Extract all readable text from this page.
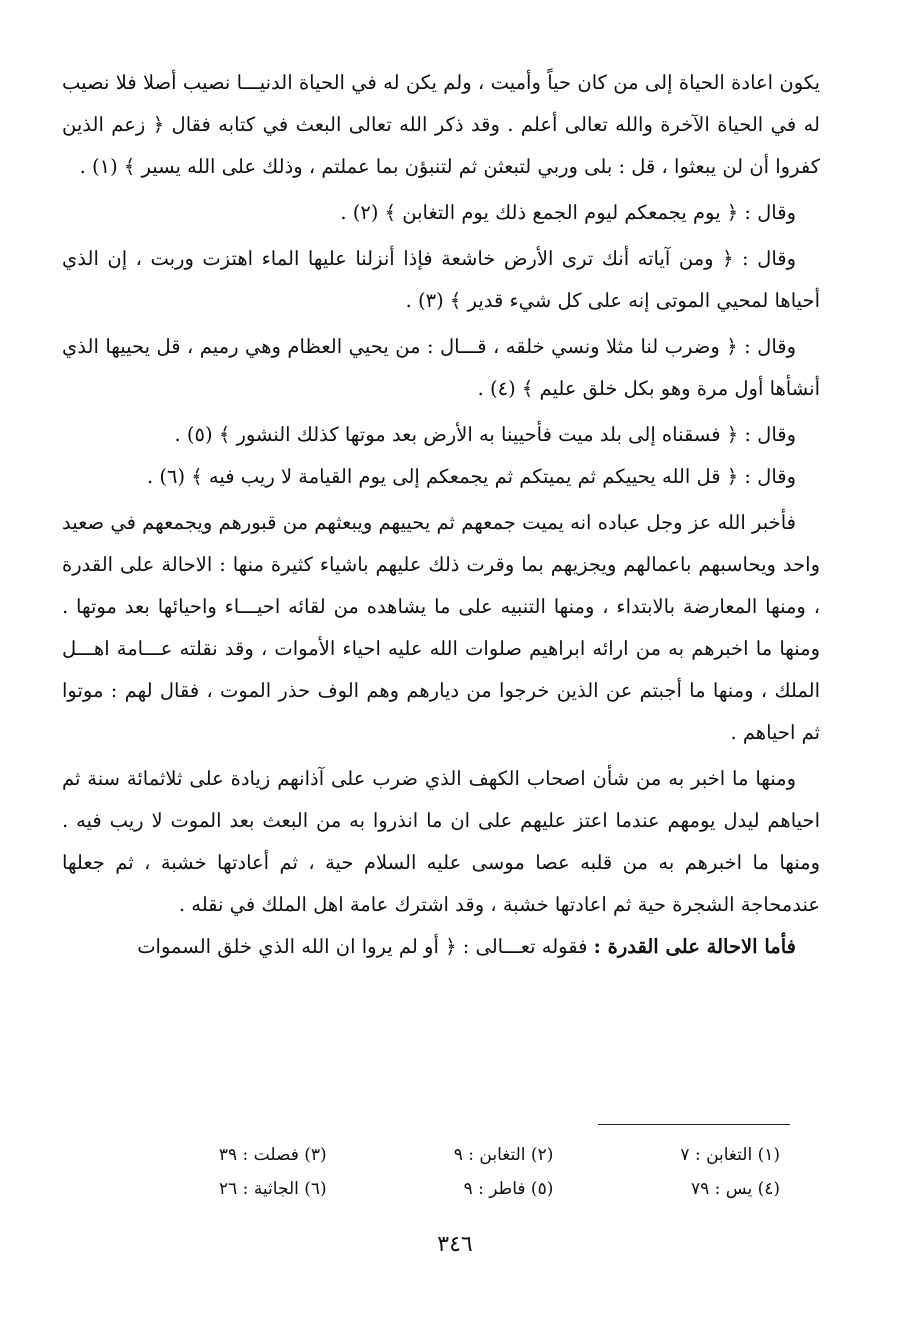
يكون اعادة الحياة إلى من كان حياً وأميت ، ولم يكن له في الحياة الدنيـــا نصيب أصلا فلا نصيب له في الحياة الآخرة والله تعالى أعلم . وقد ذكر الله تعالى البعث في كتابه فقال ﴿ زعم الذين كفروا أن لن يبعثوا ، قل : بلى وربي لتبعثن ثم لتنبؤن بما عملتم ، وذلك على الله يسير ﴾ (١) .

وقال : ﴿ يوم يجمعكم ليوم الجمع ذلك يوم التغابن ﴾ (٢) .

وقال : ﴿ ومن آياته أنك ترى الأرض خاشعة فإذا أنزلنا عليها الماء اهتزت وربت ، إن الذي أحياها لمحيي الموتى إنه على كل شيء قدير ﴾ (٣) .

وقال : ﴿ وضرب لنا مثلا ونسي خلقه ، قـــال : من يحيي العظام وهي رميم ، قل يحييها الذي أنشأها أول مرة وهو بكل خلق عليم ﴾ (٤) .

وقال : ﴿ فسقناه إلى بلد ميت فأحيينا به الأرض بعد موتها كذلك النشور ﴾ (٥) .

وقال : ﴿ قل الله يحييكم ثم يميتكم ثم يجمعكم إلى يوم القيامة لا ريب فيه ﴾ (٦) .

فأخبر الله عز وجل عباده انه يميت جمعهم ثم يحييهم ويبعثهم من قبورهم ويجمعهم في صعيد واحد ويحاسبهم باعمالهم ويجزيهم بما وقرت ذلك عليهم باشياء كثيرة منها : الاحالة على القدرة ، ومنها المعارضة بالابتداء ، ومنها التنبيه على ما يشاهده من لقائه احيـــاء واحيائها بعد موتها . ومنها ما اخبرهم به من ارائه ابراهيم صلوات الله عليه احياء الأموات ، وقد نقلته عـــامة اهـــل الملك ، ومنها ما أجبتم عن الذين خرجوا من ديارهم وهم الوف حذر الموت ، فقال لهم : موتوا ثم احياهم .

ومنها ما اخبر به من شأن اصحاب الكهف الذي ضرب على آذانهم زيادة على ثلاثمائة سنة ثم احياهم ليدل يومهم عندما اعتز عليهم على ان ما انذروا به من البعث بعد الموت لا ريب فيه . ومنها ما اخبرهم به من قلبه عصا موسى عليه السلام حية ، ثم أعادتها خشبة ، ثم جعلها عندمحاجة الشجرة حية ثم اعادتها خشبة ، وقد اشترك عامة اهل الملك في نقله .

فأما الاحالة على القدرة : فقوله تعـــالى : ﴿ أو لم يروا ان الله الذي خلق السموات

(١) التغابن : ٧
(٢) التغابن : ٩
(٣) فصلت : ٣٩
(٤) يس : ٧٩
(٥) فاطر : ٩
(٦) الجاثية : ٢٦
٣٤٦
